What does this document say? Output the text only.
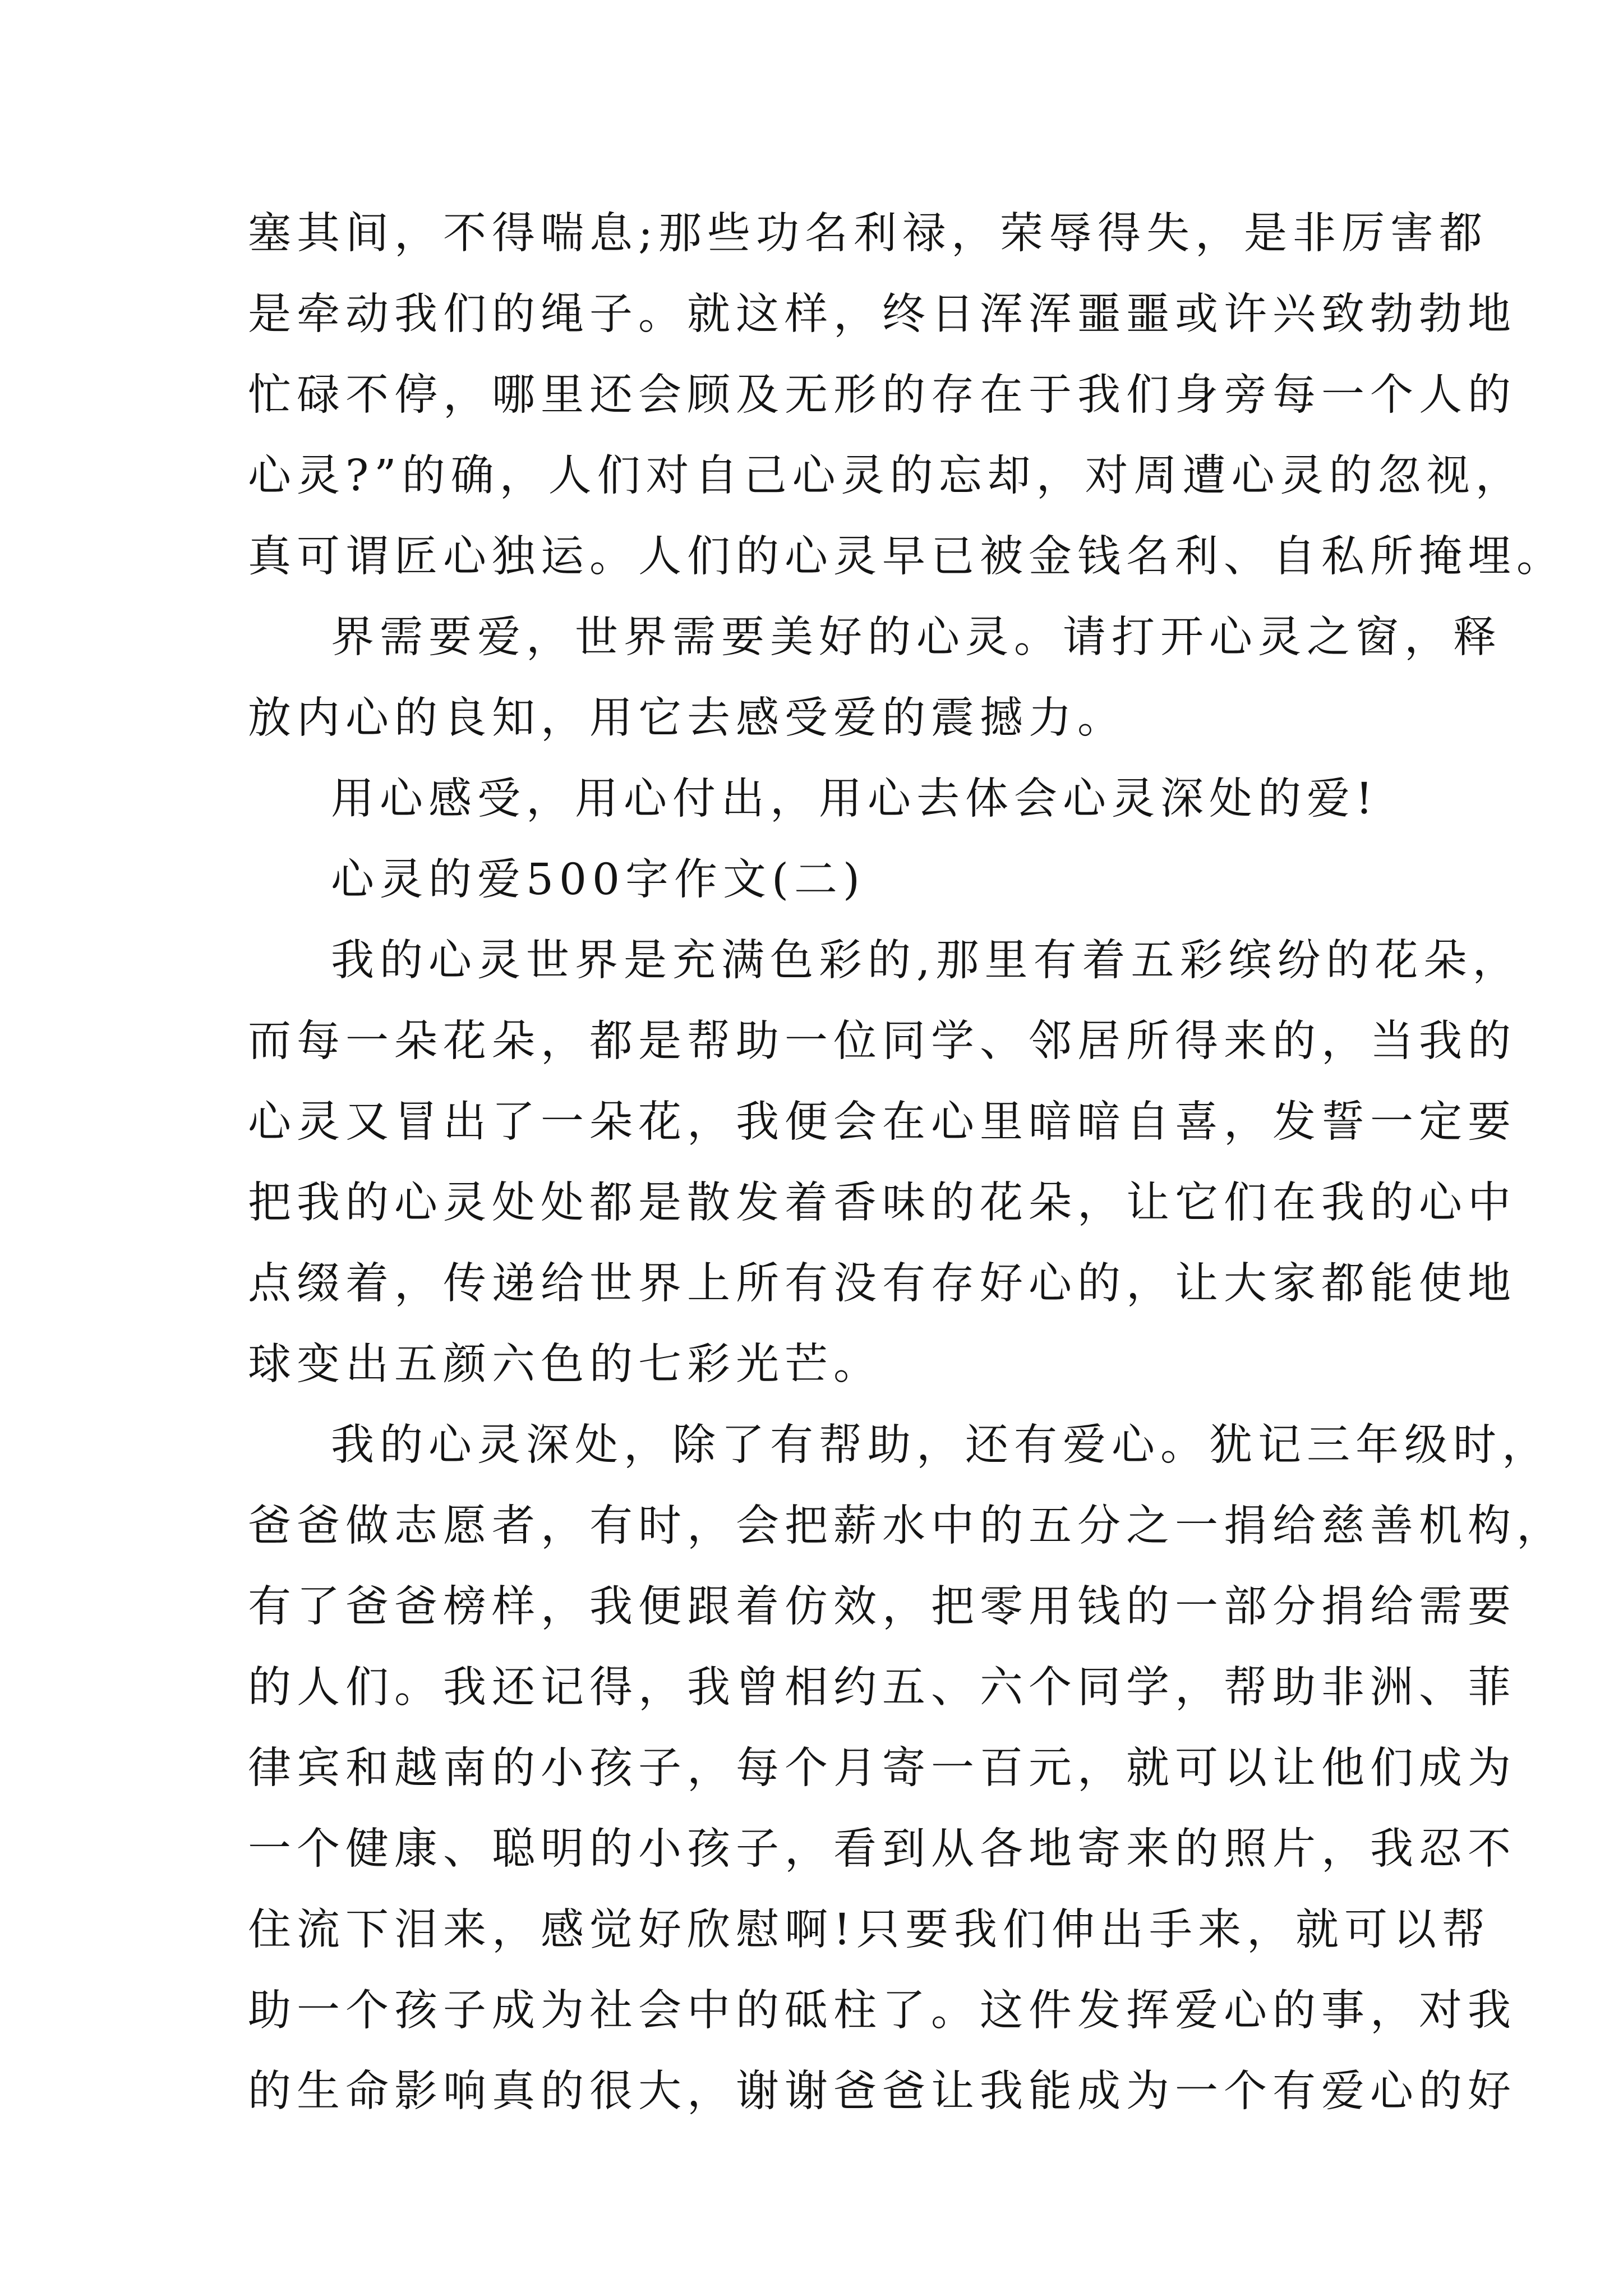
塞其间，不得喘息;那些功名利禄，荣辱得失，是非厉害都
是牵动我们的绳子。就这样，终日浑浑噩噩或许兴致勃勃地
忙碌不停，哪里还会顾及无形的存在于我们身旁每一个人的
心灵?”的确，人们对自己心灵的忘却，对周遭心灵的忽视，
真可谓匠心独运。人们的心灵早已被金钱名利、自私所掩埋。
界需要爱，世界需要美好的心灵。请打开心灵之窗，释
放内心的良知，用它去感受爱的震撼力。
用心感受，用心付出，用心去体会心灵深处的爱!
心灵的爱500字作文(二)
我的心灵世界是充满色彩的,那里有着五彩缤纷的花朵，
而每一朵花朵，都是帮助一位同学、邻居所得来的，当我的
心灵又冒出了一朵花，我便会在心里暗暗自喜，发誓一定要
把我的心灵处处都是散发着香味的花朵，让它们在我的心中
点缀着，传递给世界上所有没有存好心的，让大家都能使地
球变出五颜六色的七彩光芒。
我的心灵深处，除了有帮助，还有爱心。犹记三年级时，
爸爸做志愿者，有时，会把薪水中的五分之一捐给慈善机构，
有了爸爸榜样，我便跟着仿效，把零用钱的一部分捐给需要
的人们。我还记得，我曾相约五、六个同学，帮助非洲、菲
律宾和越南的小孩子，每个月寄一百元，就可以让他们成为
一个健康、聪明的小孩子，看到从各地寄来的照片，我忍不
住流下泪来，感觉好欣慰啊!只要我们伸出手来，就可以帮
助一个孩子成为社会中的砥柱了。这件发挥爱心的事，对我
的生命影响真的很大，谢谢爸爸让我能成为一个有爱心的好
